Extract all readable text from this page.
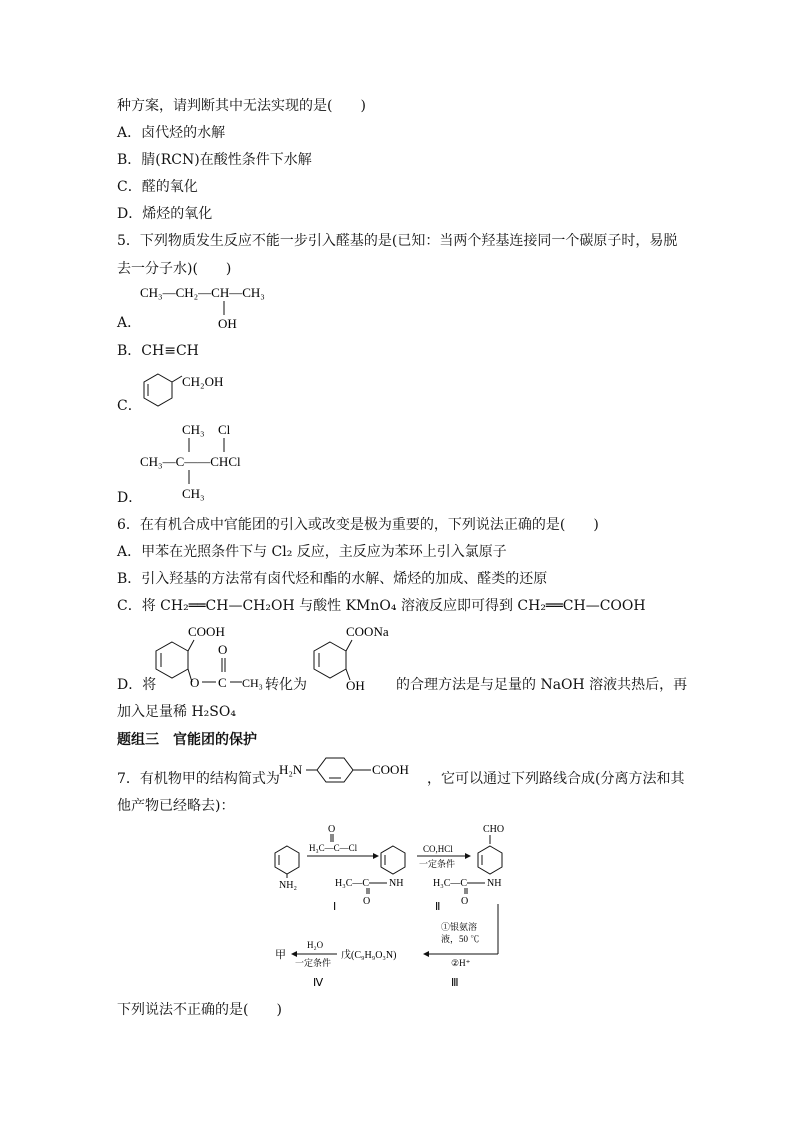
种方案，请判断其中无法实现的是(　　)
A．卤代烃的水解
B．腈(RCN)在酸性条件下水解
C．醛的氧化
D．烯烃的氧化
5．下列物质发生反应不能一步引入醛基的是(已知：当两个羟基连接同一个碳原子时，易脱
去一分子水)(　　)
A．
CH₃—CH₂—CH—CH₃
OH
B．CH≡CH
C．
CH₂OH
D．
CH₃ Cl
CH₃—C——CHCl
CH₃
6．在有机合成中官能团的引入或改变是极为重要的，下列说法正确的是(　　)
A．甲苯在光照条件下与 Cl₂ 反应，主反应为苯环上引入氯原子
B．引入羟基的方法常有卤代烃和酯的水解、烯烃的加成、醛类的还原
C．将 CH₂══CH—CH₂OH 与酸性 KMnO₄ 溶液反应即可得到 CH₂══CH—COOH
D．将
COOH
O C
O
CH₃ 转化为
COONa
OH 的合理方法是与足量的 NaOH 溶液共热后，再
加入足量稀 H₂SO₄
题组三　官能团的保护
7．有机物甲的结构简式为
H₂N	COOH
，它可以通过下列路线合成(分离方法和其
他产物已经略去)：
NH₂
O
H₃C—C—Cl
NH
H₃C—C
O
Ⅰ
CO,HCl
一定条件
CHO
NH
H₃C—C
O
Ⅱ
①银氨溶
液，50 ℃
②H⁺
Ⅲ
戊(C₉H₉O₃N)
H₂O
一定条件
Ⅳ
甲
下列说法不正确的是(　　)
